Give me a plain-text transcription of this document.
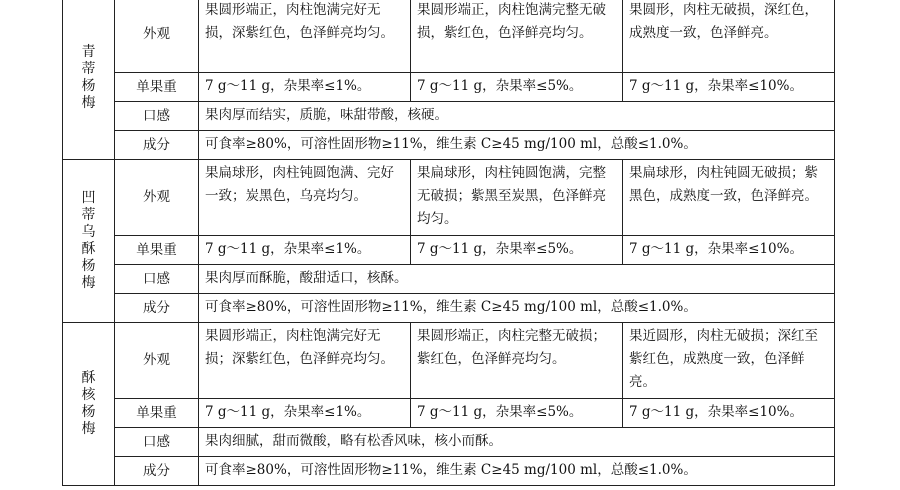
青蒂杨梅	外观	果圆形端正，肉柱饱满完好无损，深紫红色，色泽鲜亮均匀。	果圆形端正，肉柱饱满完整无破损，紫红色，色泽鲜亮均匀。	果圆形，肉柱无破损，深红色，成熟度一致，色泽鲜亮。
	单果重	7 g～11 g，杂果率≤1%。	7 g～11 g，杂果率≤5%。	7 g～11 g，杂果率≤10%。
	口感	果肉厚而结实，质脆，味甜带酸，核硬。		
	成分	可食率≥80%，可溶性固形物≥11%，维生素 C≥45 mg/100 ml，总酸≤1.0%。		
凹蒂乌酥杨梅	外观	果扁球形，肉柱钝圆饱满、完好一致；炭黑色，乌亮均匀。	果扁球形，肉柱钝圆饱满，完整无破损；紫黑至炭黑，色泽鲜亮均匀。	果扁球形，肉柱钝圆无破损；紫黑色，成熟度一致，色泽鲜亮。
	单果重	7 g～11 g，杂果率≤1%。	7 g～11 g，杂果率≤5%。	7 g～11 g，杂果率≤10%。
	口感	果肉厚而酥脆，酸甜适口，核酥。		
	成分	可食率≥80%，可溶性固形物≥11%，维生素 C≥45 mg/100 ml，总酸≤1.0%。		
酥核杨梅	外观	果圆形端正，肉柱饱满完好无损；深紫红色，色泽鲜亮均匀。	果圆形端正，肉柱完整无破损；紫红色，色泽鲜亮均匀。	果近圆形，肉柱无破损；深红至紫红色，成熟度一致，色泽鲜亮。
	单果重	7 g～11 g，杂果率≤1%。	7 g～11 g，杂果率≤5%。	7 g～11 g，杂果率≤10%。
	口感	果肉细腻，甜而微酸，略有松香风味，核小而酥。		
	成分	可食率≥80%，可溶性固形物≥11%，维生素 C≥45 mg/100 ml，总酸≤1.0%。		
